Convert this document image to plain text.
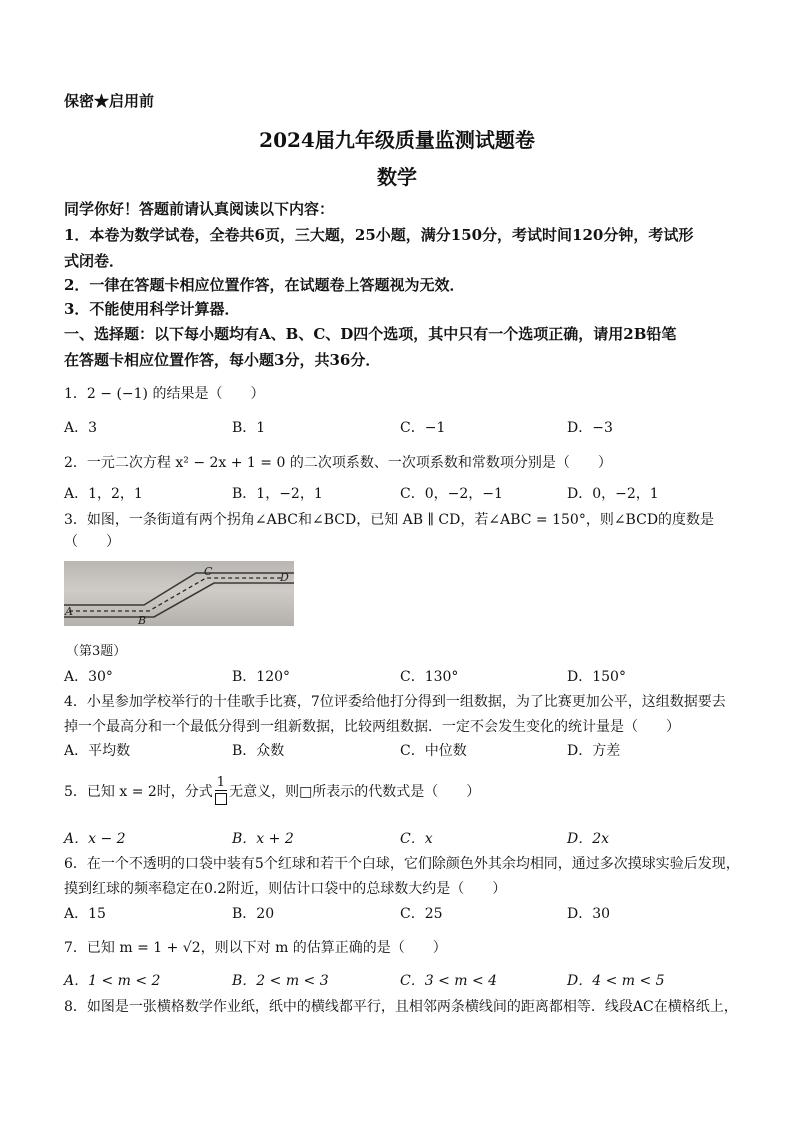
保密★启用前
2024届九年级质量监测试题卷
数学
同学你好！答题前请认真阅读以下内容：
1．本卷为数学试卷，全卷共6页，三大题，25小题，满分150分，考试时间120分钟，考试形
式闭卷．
2．一律在答题卡相应位置作答，在试题卷上答题视为无效．
3．不能使用科学计算器．
一、选择题：以下每小题均有A、B、C、D四个选项，其中只有一个选项正确，请用2B铅笔
在答题卡相应位置作答，每小题3分，共36分．
1．2 − (−1) 的结果是（　　）
A．3	B．1	C．−1	D．−3
2．一元二次方程 x² − 2x + 1 = 0 的二次项系数、一次项系数和常数项分别是（　　）
A．1，2，1	B．1，−2，1	C．0，−2，−1	D．0，−2，1
3．如图，一条街道有两个拐角∠ABC和∠BCD，已知 AB ∥ CD，若∠ABC = 150°，则∠BCD的度数是
（　　）
A
B
C	D
（第3题）
A．30°	B．120°	C．130°	D．150°
4．小星参加学校举行的十佳歌手比赛，7位评委给他打分得到一组数据，为了比赛更加公平，这组数据要去
掉一个最高分和一个最低分得到一组新数据，比较两组数据．一定不会发生变化的统计量是（　　）
A．平均数	B．众数	C．中位数	D．方差
5．已知 x = 2时，分式
1
无意义，则□所表示的代数式是（　　）
A．x − 2	B．x + 2	C．x	D．2x
6．在一个不透明的口袋中装有5个红球和若干个白球，它们除颜色外其余均相同，通过多次摸球实验后发现，
摸到红球的频率稳定在0.2附近，则估计口袋中的总球数大约是（　　）
A．15	B．20	C．25	D．30
7．已知 m = 1 + √2，则以下对 m 的估算正确的是（　　）
A．1 < m < 2	B．2 < m < 3	C．3 < m < 4	D．4 < m < 5
8．如图是一张横格数学作业纸，纸中的横线都平行，且相邻两条横线间的距离都相等．线段AC在横格纸上，
